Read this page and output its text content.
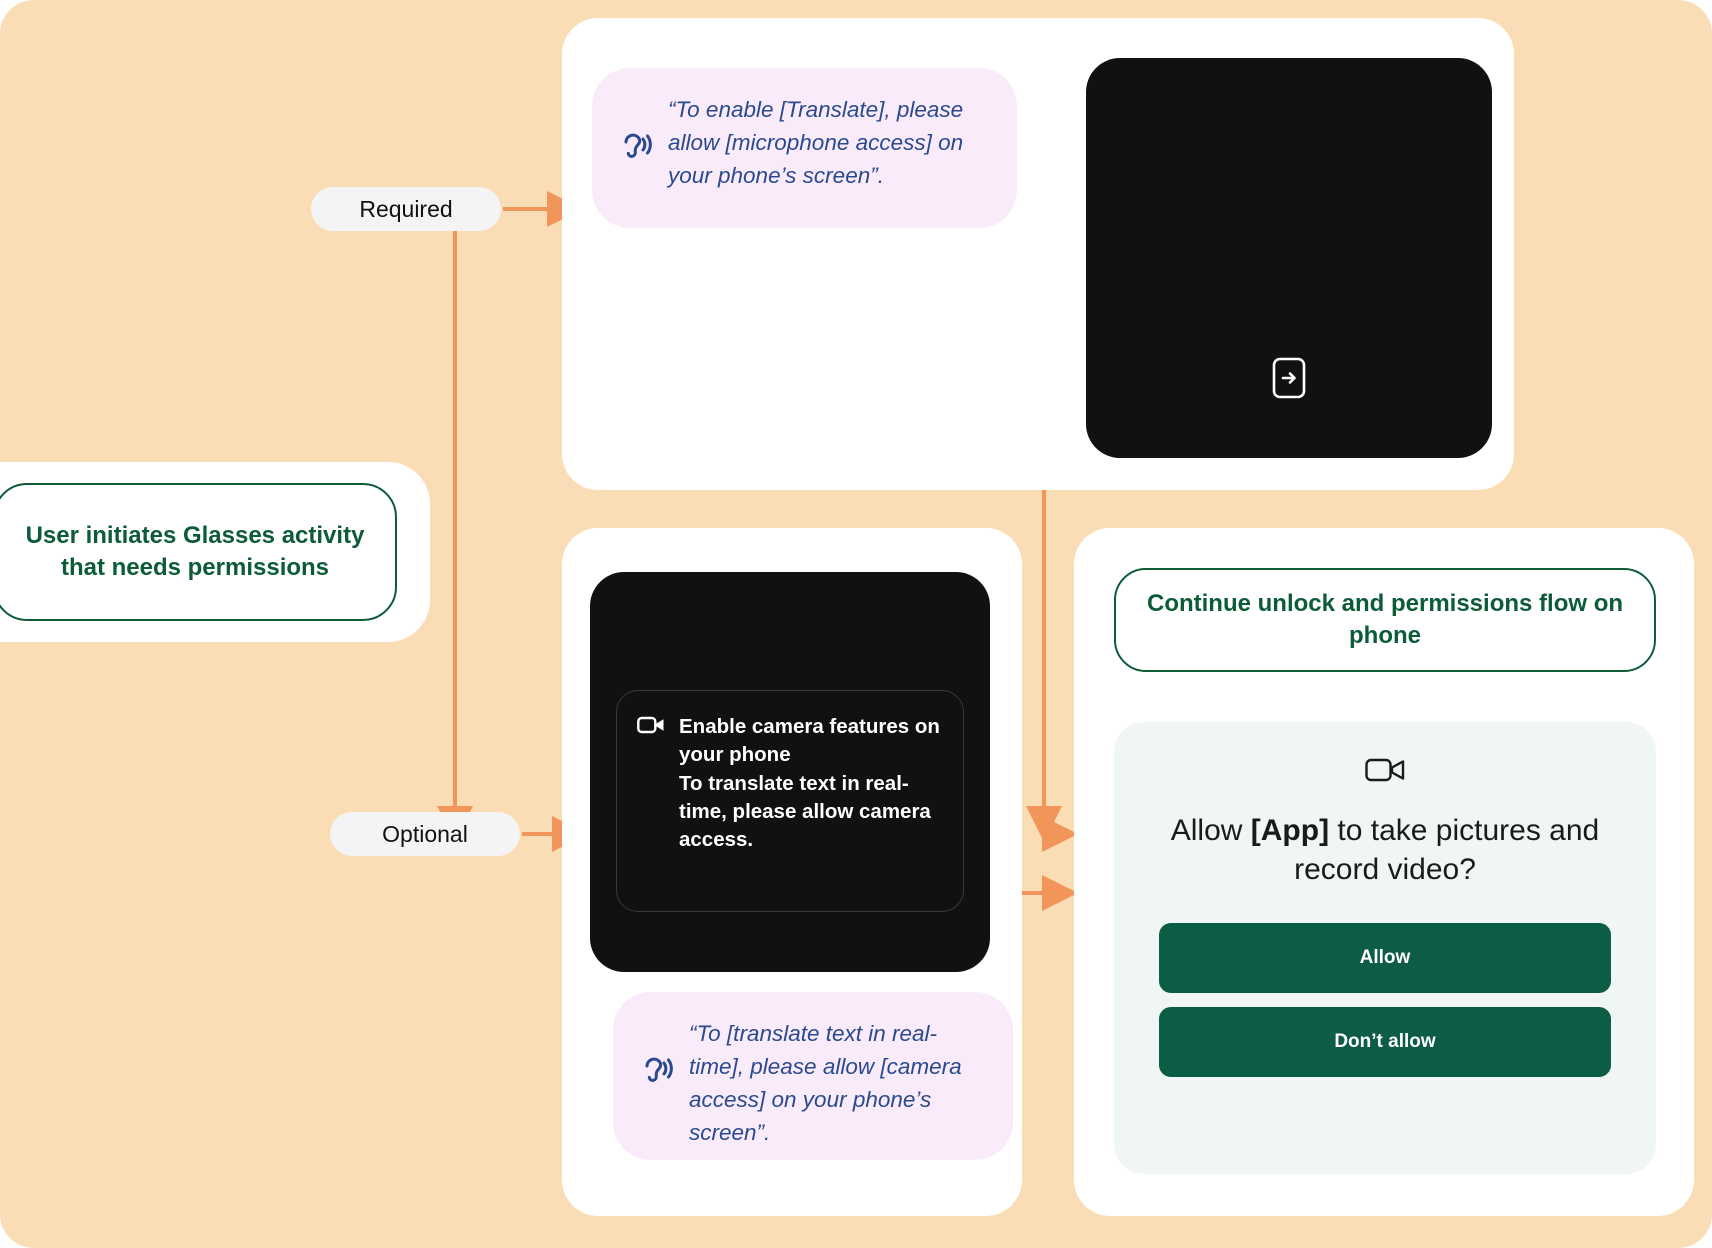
User initiates Glasses activity that needs permissions
Required
Optional
“To enable [Translate], please allow [microphone access] on your phone’s screen”.
Enable camera features on your phone
To translate text in real-time, please allow camera access.
“To [translate text in real-time], please allow [camera access] on your phone’s screen”.
Continue unlock and permissions flow on phone
Allow [App] to take pictures and record video?
Allow
Don’t allow
